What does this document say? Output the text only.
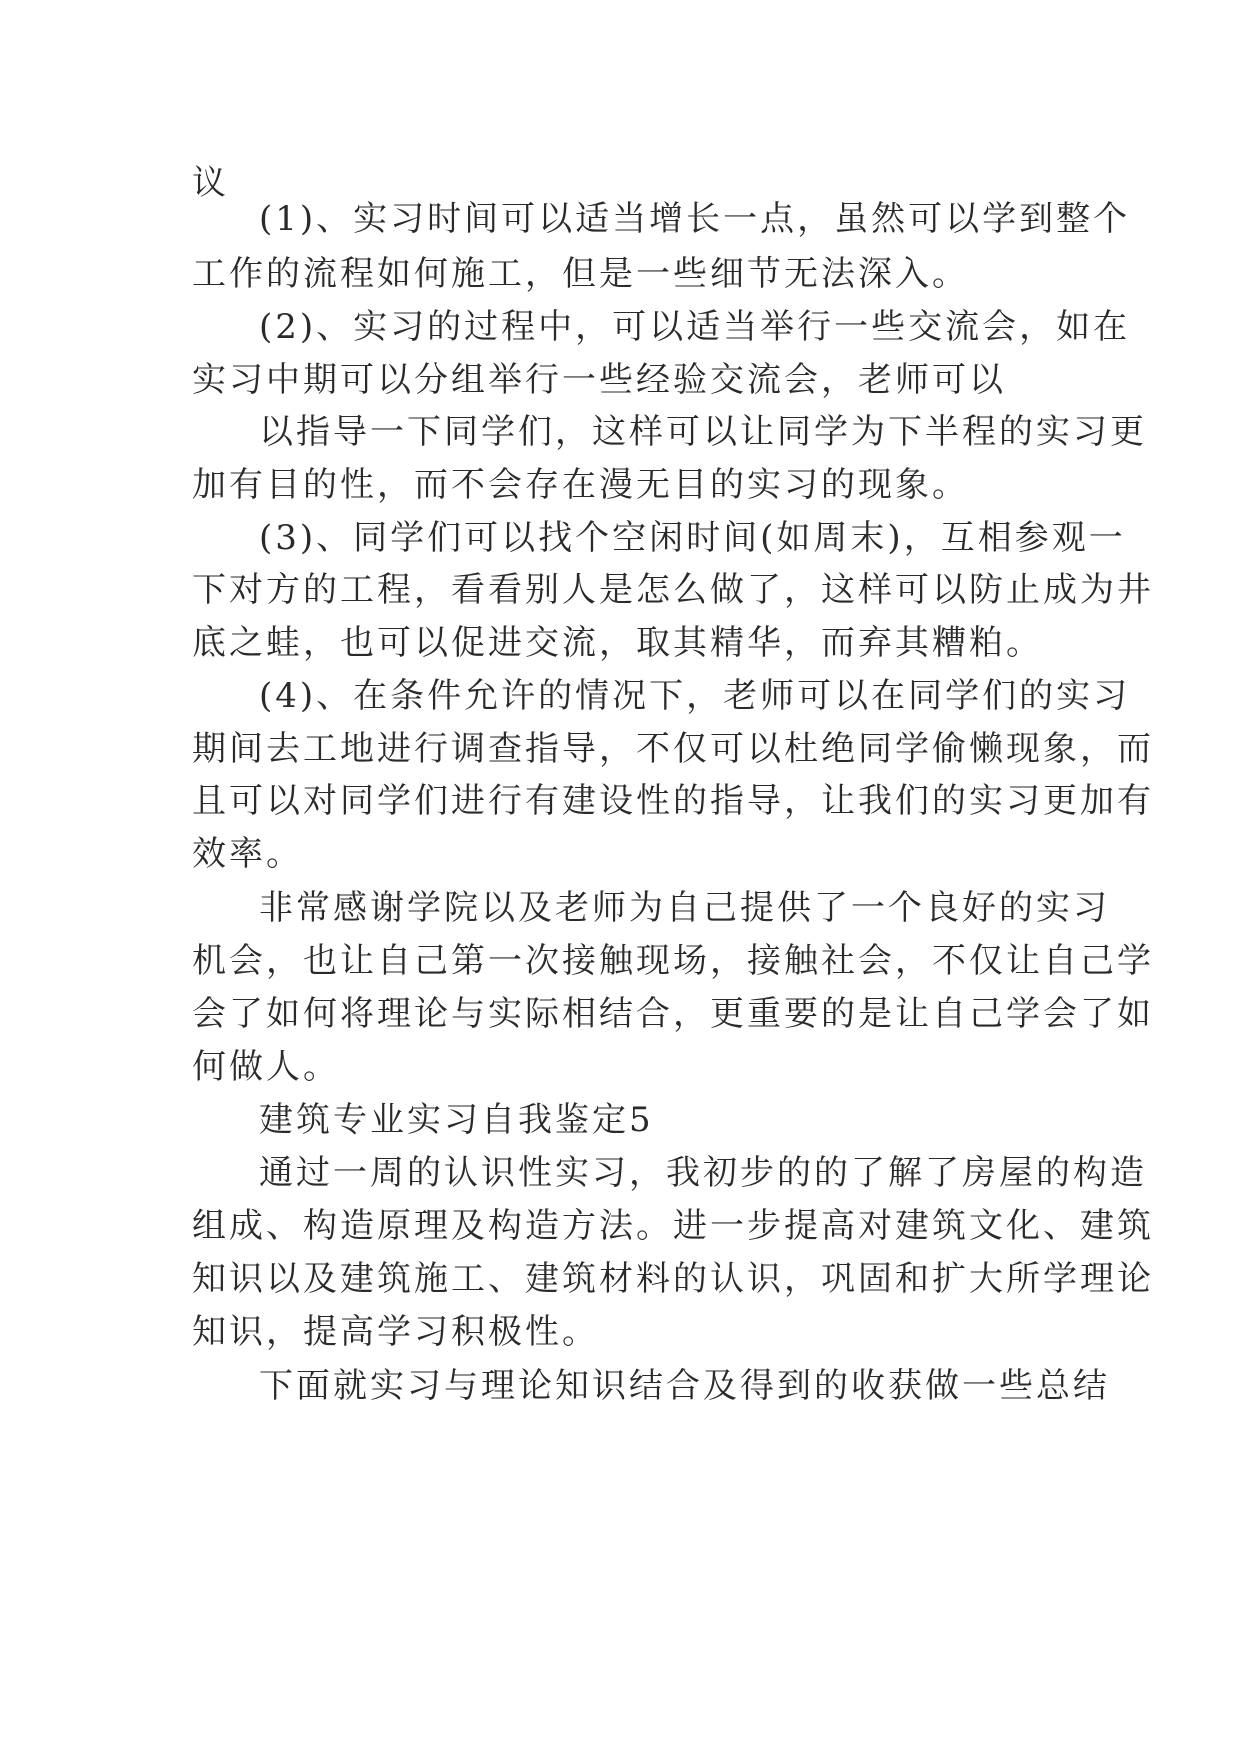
议
(1)、实习时间可以适当增长一点，虽然可以学到整个
工作的流程如何施工，但是一些细节无法深入。
(2)、实习的过程中，可以适当举行一些交流会，如在
实习中期可以分组举行一些经验交流会，老师可以
以指导一下同学们，这样可以让同学为下半程的实习更
加有目的性，而不会存在漫无目的实习的现象。
(3)、同学们可以找个空闲时间(如周末)，互相参观一
下对方的工程，看看别人是怎么做了，这样可以防止成为井
底之蛙，也可以促进交流，取其精华，而弃其糟粕。
(4)、在条件允许的情况下，老师可以在同学们的实习
期间去工地进行调查指导，不仅可以杜绝同学偷懒现象，而
且可以对同学们进行有建设性的指导，让我们的实习更加有
效率。
非常感谢学院以及老师为自己提供了一个良好的实习
机会，也让自己第一次接触现场，接触社会，不仅让自己学
会了如何将理论与实际相结合，更重要的是让自己学会了如
何做人。
建筑专业实习自我鉴定5
通过一周的认识性实习，我初步的的了解了房屋的构造
组成、构造原理及构造方法。进一步提高对建筑文化、建筑
知识以及建筑施工、建筑材料的认识，巩固和扩大所学理论
知识，提高学习积极性。
下面就实习与理论知识结合及得到的收获做一些总结
